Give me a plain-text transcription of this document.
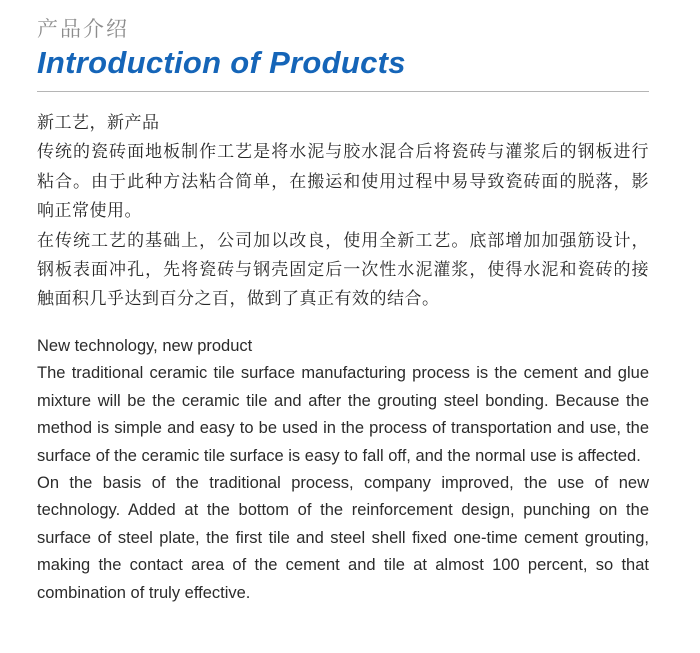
产品介绍
Introduction of Products

新工艺，新产品

传统的瓷砖面地板制作工艺是将水泥与胶水混合后将瓷砖与灌浆后的钢板进行粘合。由于此种方法粘合简单，在搬运和使用过程中易导致瓷砖面的脱落，影响正常使用。

在传统工艺的基础上，公司加以改良，使用全新工艺。底部增加加强筋设计，钢板表面冲孔，先将瓷砖与钢壳固定后一次性水泥灌浆，使得水泥和瓷砖的接触面积几乎达到百分之百，做到了真正有效的结合。

New technology, new product

The traditional ceramic tile surface manufacturing process is the cement and glue mixture will be the ceramic tile and after the grouting steel bonding. Because the method is simple and easy to be used in the process of transportation and use, the surface of the ceramic tile surface is easy to fall off, and the normal use is affected.

On the basis of the traditional process, company improved, the use of new technology. Added at the bottom of the reinforcement design, punching on the surface of steel plate, the first tile and steel shell fixed one-time cement grouting, making the contact area of the cement and tile at almost 100 percent, so that combination of truly effective.
